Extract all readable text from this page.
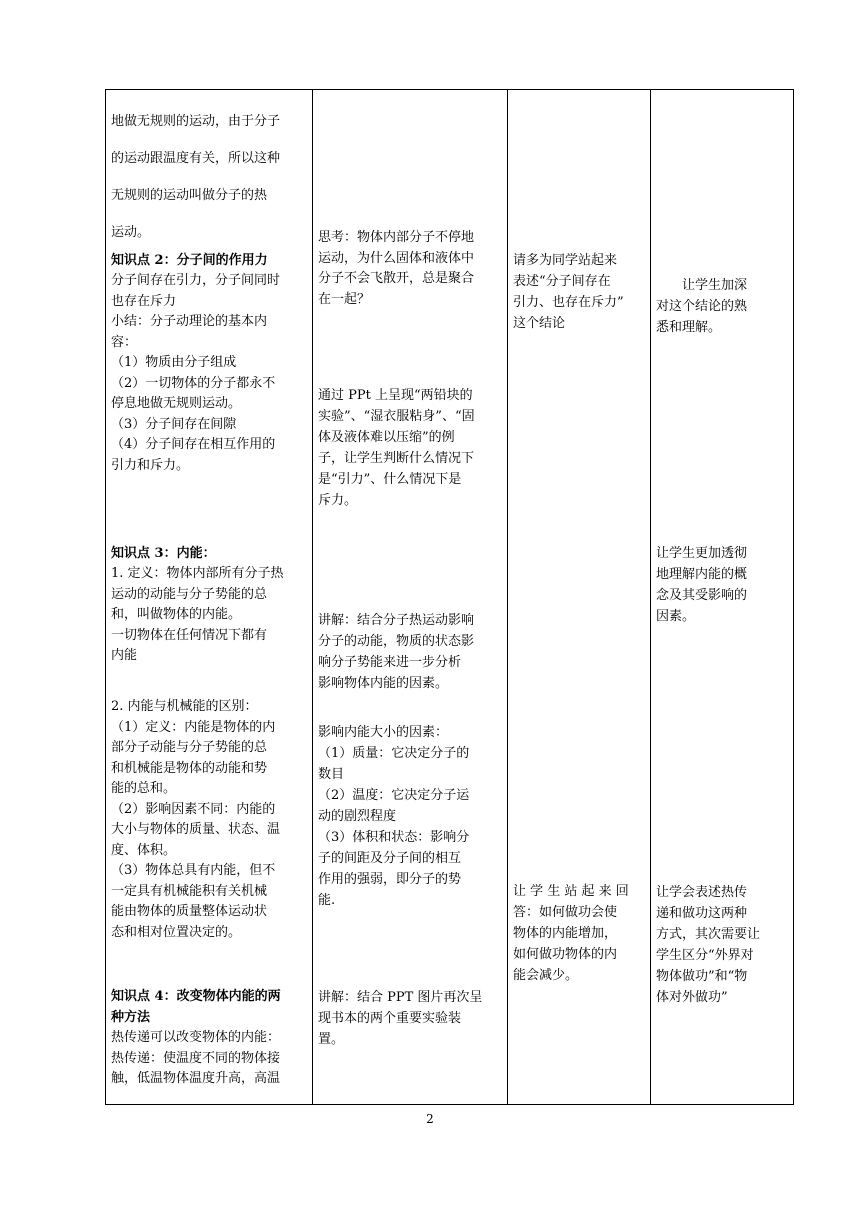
地做无规则的运动，由于分子
的运动跟温度有关，所以这种
无规则的运动叫做分子的热
运动。
知识点 2：分子间的作用力
分子间存在引力，分子间同时
也存在斥力
小结：分子动理论的基本内
容：
（1）物质由分子组成
（2）一切物体的分子都永不
停息地做无规则运动。
（3）分子间存在间隙
（4）分子间存在相互作用的
引力和斥力。
知识点 3：内能：
1. 定义：物体内部所有分子热
运动的动能与分子势能的总
和，叫做物体的内能。
一切物体在任何情况下都有
内能
2. 内能与机械能的区别：
（1）定义：内能是物体的内
部分子动能与分子势能的总
和机械能是物体的动能和势
能的总和。
（2）影响因素不同：内能的
大小与物体的质量、状态、温
度、体积。
（3）物体总具有内能，但不
一定具有机械能积有关机械
能由物体的质量整体运动状
态和相对位置决定的。
知识点 4：改变物体内能的两
种方法
热传递可以改变物体的内能：
热传递：使温度不同的物体接
触，低温物体温度升高，高温
思考：物体内部分子不停地
运动，为什么固体和液体中
分子不会飞散开，总是聚合
在一起？
通过 PPt 上呈现“两铅块的
实验”、“湿衣服粘身”、“固
体及液体难以压缩”的例
子，让学生判断什么情况下
是“引力”、什么情况下是
斥力。
讲解：结合分子热运动影响
分子的动能，物质的状态影
响分子势能来进一步分析
影响物体内能的因素。
影响内能大小的因素：
（1）质量：它决定分子的
数目
（2）温度：它决定分子运
动的剧烈程度
（3）体积和状态：影响分
子的间距及分子间的相互
作用的强弱，即分子的势
能.
讲解：结合 PPT 图片再次呈
现书本的两个重要实验装
置。
请多为同学站起来
表述“分子间存在
引力、也存在斥力”
这个结论
让 学 生 站 起 来 回
答：如何做功会使
物体的内能增加，
如何做功物体的内
能会减少。
　　让学生加深
对这个结论的熟
悉和理解。
让学生更加透彻
地理解内能的概
念及其受影响的
因素。
让学会表述热传
递和做功这两种
方式，其次需要让
学生区分“外界对
物体做功”和“物
体对外做功”
2
